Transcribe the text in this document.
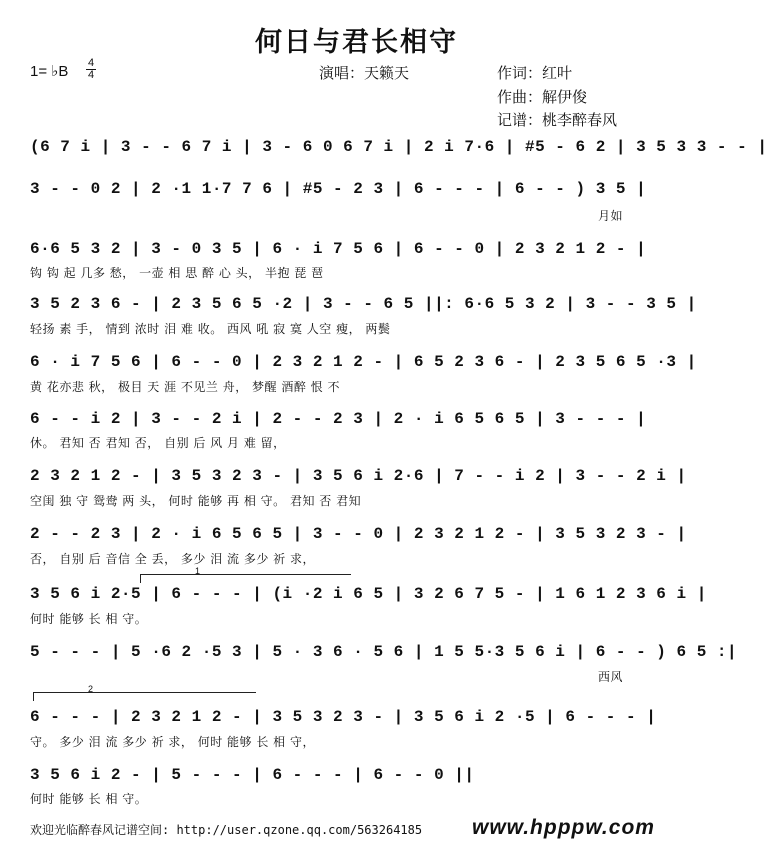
何日与君长相守
1= ♭B $\frac{4}{4}$	演唱：天籁天	作词：红叶
作曲：解伊俊
记谱：桃李醉春风
(6 7 i | 3 - - 6 7 i | 3 - 6 0 6 7 i | 2 i 7·6 | #5 - 6 2 | 3 5 3 3 - - |
3 - - 0 2 | 2 ·1 1·7 7 6 | #5 - 2 3 | 6 - - - | 6 - - ) 3 5 |
月如
6·6 5 3 2 | 3 - 0 3 5 | 6 · i 7 5 6 | 6 - - 0 | 2 3 2 1 2 - |
钩 钩 起 几多 愁， 一壶 相 思 醉 心 头， 半抱 琵 琶
3 5 2 3 6 - | 2 3 5 6 5 ·2 | 3 - - 6 5 ||: 6·6 5 3 2 | 3 - - 3 5 |
轻扬 素 手， 情到 浓时 泪 难 收。 西风 吼 寂 寞 人空 瘦， 两鬓
6 · i 7 5 6 | 6 - - 0 | 2 3 2 1 2 - | 6 5 2 3 6 - | 2 3 5 6 5 ·3 |
黄 花亦悲 秋， 极目 天 涯 不见兰 舟， 梦醒 酒醉 恨 不
6 - - i 2 | 3 - - 2 i | 2 - - 2 3 | 2 · i 6 5 6 5 | 3 - - - |
休。 君知 否 君知 否， 自别 后 风 月 难 留，
2 3 2 1 2 - | 3 5 3 2 3 - | 3 5 6 i 2·6 | 7 - - i 2 | 3 - - 2 i |
空闺 独 守 鸳鸯 两 头， 何时 能够 再 相 守。 君知 否 君知
2 - - 2 3 | 2 · i 6 5 6 5 | 3 - - 0 | 2 3 2 1 2 - | 3 5 3 2 3 - |
否， 自别 后 音信 全 丢， 多少 泪 流 多少 祈 求，
1
3 5 6 i 2·5 | 6 - - - | (i ·2 i 6 5 | 3 2 6 7 5 - | 1 6 1 2 3 6 i |
何时 能够 长 相 守。
5 - - - | 5 ·6 2 ·5 3 | 5 · 3 6 · 5 6 | 1 5 5·3 5 6 i | 6 - - ) 6 5 :|
西风
2
6 - - - | 2 3 2 1 2 - | 3 5 3 2 3 - | 3 5 6 i 2 ·5 | 6 - - - |
守。 多少 泪 流 多少 祈 求， 何时 能够 长 相 守，
3 5 6 i 2 - | 5 - - - | 6 - - - | 6 - - 0 ||
何时 能够 长 相 守。
欢迎光临醉春风记谱空间: http://user.qzone.qq.com/563264185 www.hpppw.com
